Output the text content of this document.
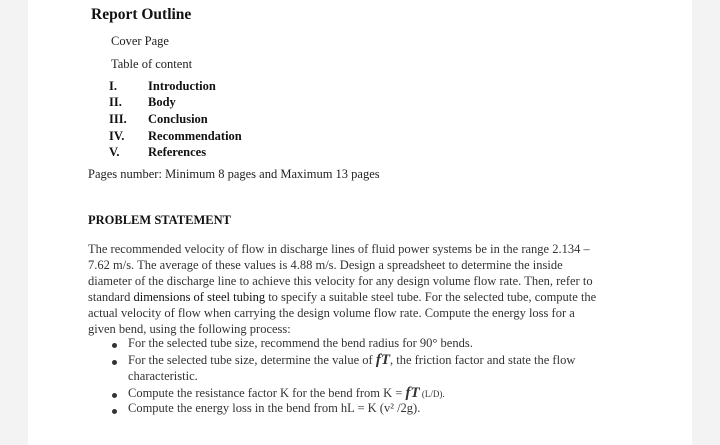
Report Outline
Cover Page
Table of content
I. Introduction
II. Body
III. Conclusion
IV. Recommendation
V. References
Pages number: Minimum 8 pages and Maximum 13 pages
PROBLEM STATEMENT
The recommended velocity of flow in discharge lines of fluid power systems be in the range 2.134 –
7.62 m/s. The average of these values is 4.88 m/s. Design a spreadsheet to determine the inside
diameter of the discharge line to achieve this velocity for any design volume flow rate. Then, refer to
standard dimensions of steel tubing to specify a suitable steel tube. For the selected tube, compute the
actual velocity of flow when carrying the design volume flow rate. Compute the energy loss for a
given bend, using the following process:
For the selected tube size, recommend the bend radius for 90° bends.
For the selected tube size, determine the value of fT, the friction factor and state the flow
characteristic.
Compute the resistance factor K for the bend from K = fT (L/D).
Compute the energy loss in the bend from hL = K (v² /2g).
